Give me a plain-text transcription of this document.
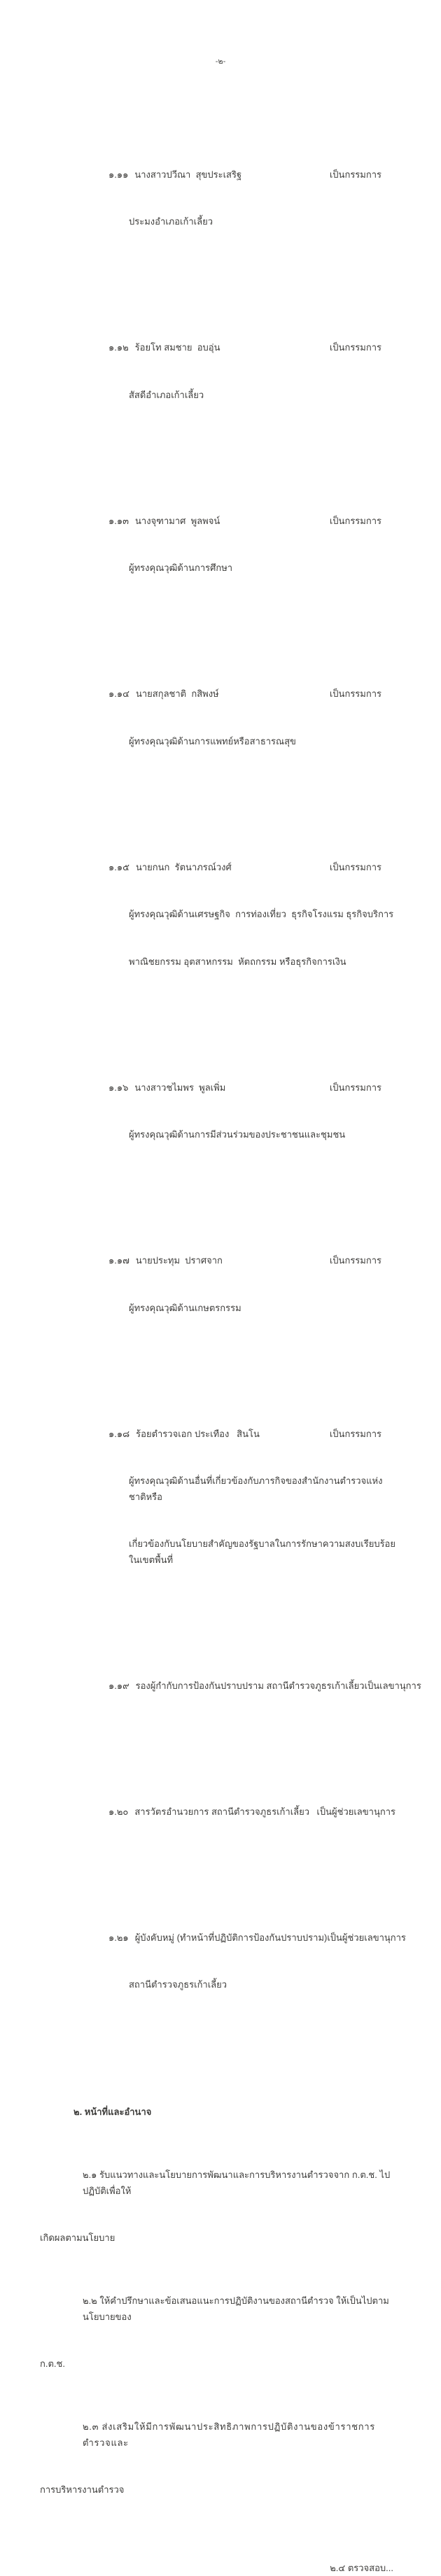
-๒-

๑.๑๑ นางสาวปวีณา  สุขประเสริฐ	เป็นกรรมการ

ประมงอำเภอเก้าเลี้ยว

๑.๑๒ ร้อยโท สมชาย  อบอุ่น	เป็นกรรมการ

สัสดีอำเภอเก้าเลี้ยว

๑.๑๓ นางจุฑามาศ  พูลพจน์	เป็นกรรมการ

ผู้ทรงคุณวุฒิด้านการศึกษา

๑.๑๔ นายสกุลชาติ  กสิพงษ์	เป็นกรรมการ

ผู้ทรงคุณวุฒิด้านการแพทย์หรือสาธารณสุข

๑.๑๕ นายกนก  รัตนาภรณ์วงศ์	เป็นกรรมการ

ผู้ทรงคุณวุฒิด้านเศรษฐกิจ  การท่องเที่ยว  ธุรกิจโรงแรม ธุรกิจบริการ

พาณิชยกรรม อุตสาหกรรม  หัตถกรรม หรือธุรกิจการเงิน

๑.๑๖ นางสาวชไมพร  พูลเพิ่ม	เป็นกรรมการ

ผู้ทรงคุณวุฒิด้านการมีส่วนร่วมของประชาชนและชุมชน

๑.๑๗ นายประทุม  ปราศจาก	เป็นกรรมการ

ผู้ทรงคุณวุฒิด้านเกษตรกรรม

๑.๑๘ ร้อยตำรวจเอก ประเทือง   สินโน	เป็นกรรมการ

ผู้ทรงคุณวุฒิด้านอื่นที่เกี่ยวข้องกับภารกิจของสำนักงานตำรวจแห่งชาติหรือ

เกี่ยวข้องกับนโยบายสำคัญของรัฐบาลในการรักษาความสงบเรียบร้อยในเขตพื้นที่

๑.๑๙ รองผู้กำกับการป้องกันปราบปราม สถานีตำรวจภูธรเก้าเลี้ยว เป็นเลขานุการ

๑.๒๐ สารวัตรอำนวยการ สถานีตำรวจภูธรเก้าเลี้ยว เป็นผู้ช่วยเลขานุการ

๑.๒๑ ผู้บังคับหมู่ (ทำหน้าที่ปฏิบัติการป้องกันปราบปราม) เป็นผู้ช่วยเลขานุการ

สถานีตำรวจภูธรเก้าเลี้ยว

๒. หน้าที่และอำนาจ

๒.๑ รับแนวทางและนโยบายการพัฒนาและการบริหารงานตำรวจจาก ก.ต.ช. ไปปฏิบัติเพื่อให้

เกิดผลตามนโยบาย

๒.๒ ให้คำปรึกษาและข้อเสนอแนะการปฏิบัติงานของสถานีตำรวจ ให้เป็นไปตามนโยบายของ

ก.ต.ช.

๒.๓ ส่งเสริมให้มีการพัฒนาประสิทธิภาพการปฏิบัติงานของข้าราชการตำรวจและ

การบริหารงานตำรวจ

๒.๔ ตรวจสอบ...
